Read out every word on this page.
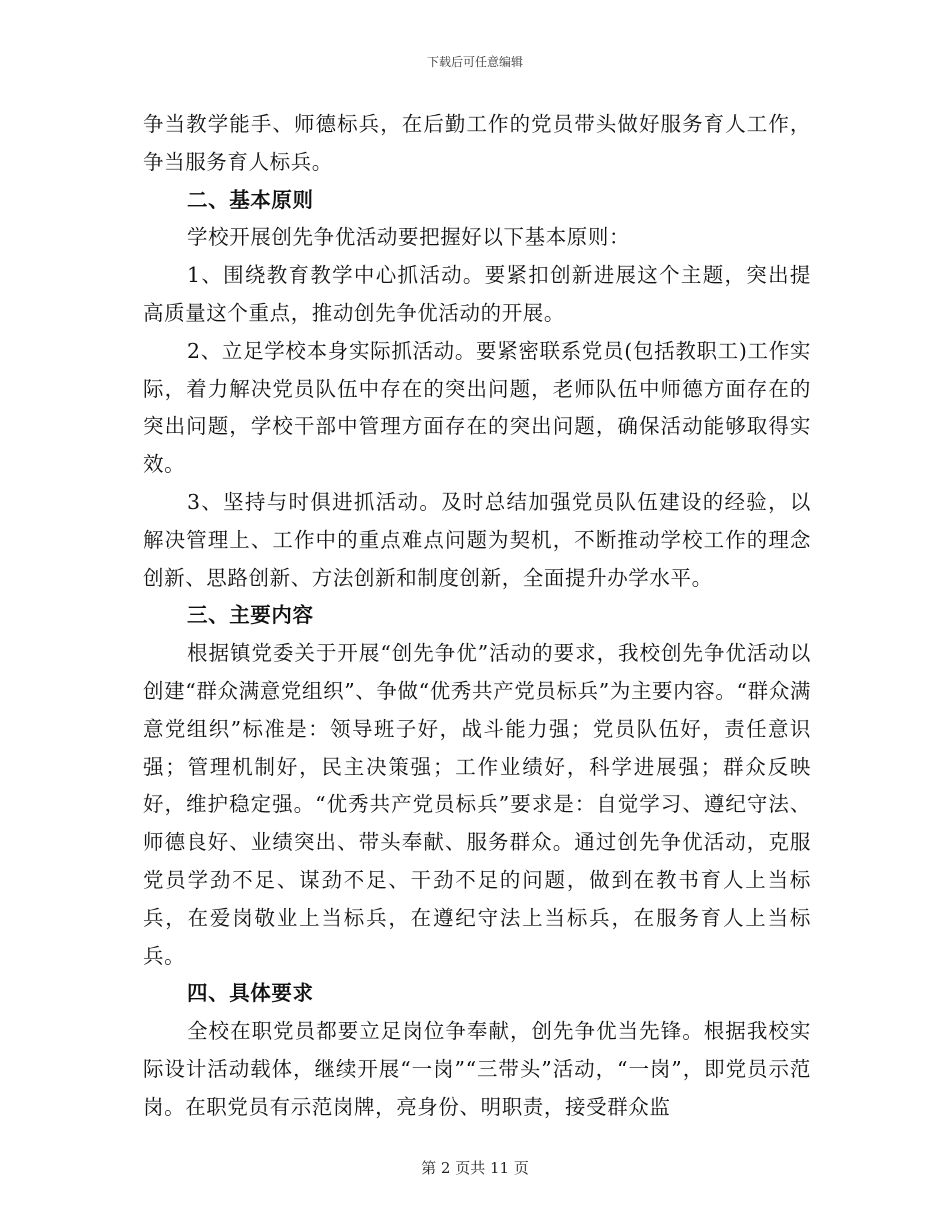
下载后可任意编辑

争当教学能手、师德标兵，在后勤工作的党员带头做好服务育人工作，争当服务育人标兵。

二、基本原则

学校开展创先争优活动要把握好以下基本原则：

1、围绕教育教学中心抓活动。要紧扣创新进展这个主题，突出提高质量这个重点，推动创先争优活动的开展。

2、立足学校本身实际抓活动。要紧密联系党员(包括教职工)工作实际，着力解决党员队伍中存在的突出问题，老师队伍中师德方面存在的突出问题，学校干部中管理方面存在的突出问题，确保活动能够取得实效。

3、坚持与时俱进抓活动。及时总结加强党员队伍建设的经验，以解决管理上、工作中的重点难点问题为契机，不断推动学校工作的理念创新、思路创新、方法创新和制度创新，全面提升办学水平。

三、主要内容

根据镇党委关于开展“创先争优”活动的要求，我校创先争优活动以创建“群众满意党组织”、争做“优秀共产党员标兵”为主要内容。“群众满意党组织”标准是：领导班子好，战斗能力强；党员队伍好，责任意识强；管理机制好，民主决策强；工作业绩好，科学进展强；群众反映好，维护稳定强。“优秀共产党员标兵”要求是：自觉学习、遵纪守法、师德良好、业绩突出、带头奉献、服务群众。通过创先争优活动，克服党员学劲不足、谋劲不足、干劲不足的问题，做到在教书育人上当标兵，在爱岗敬业上当标兵，在遵纪守法上当标兵，在服务育人上当标兵。

四、具体要求

全校在职党员都要立足岗位争奉献，创先争优当先锋。根据我校实际设计活动载体，继续开展“一岗”“三带头”活动，“一岗”，即党员示范岗。在职党员有示范岗牌，亮身份、明职责，接受群众监

第 2 页共 11 页
